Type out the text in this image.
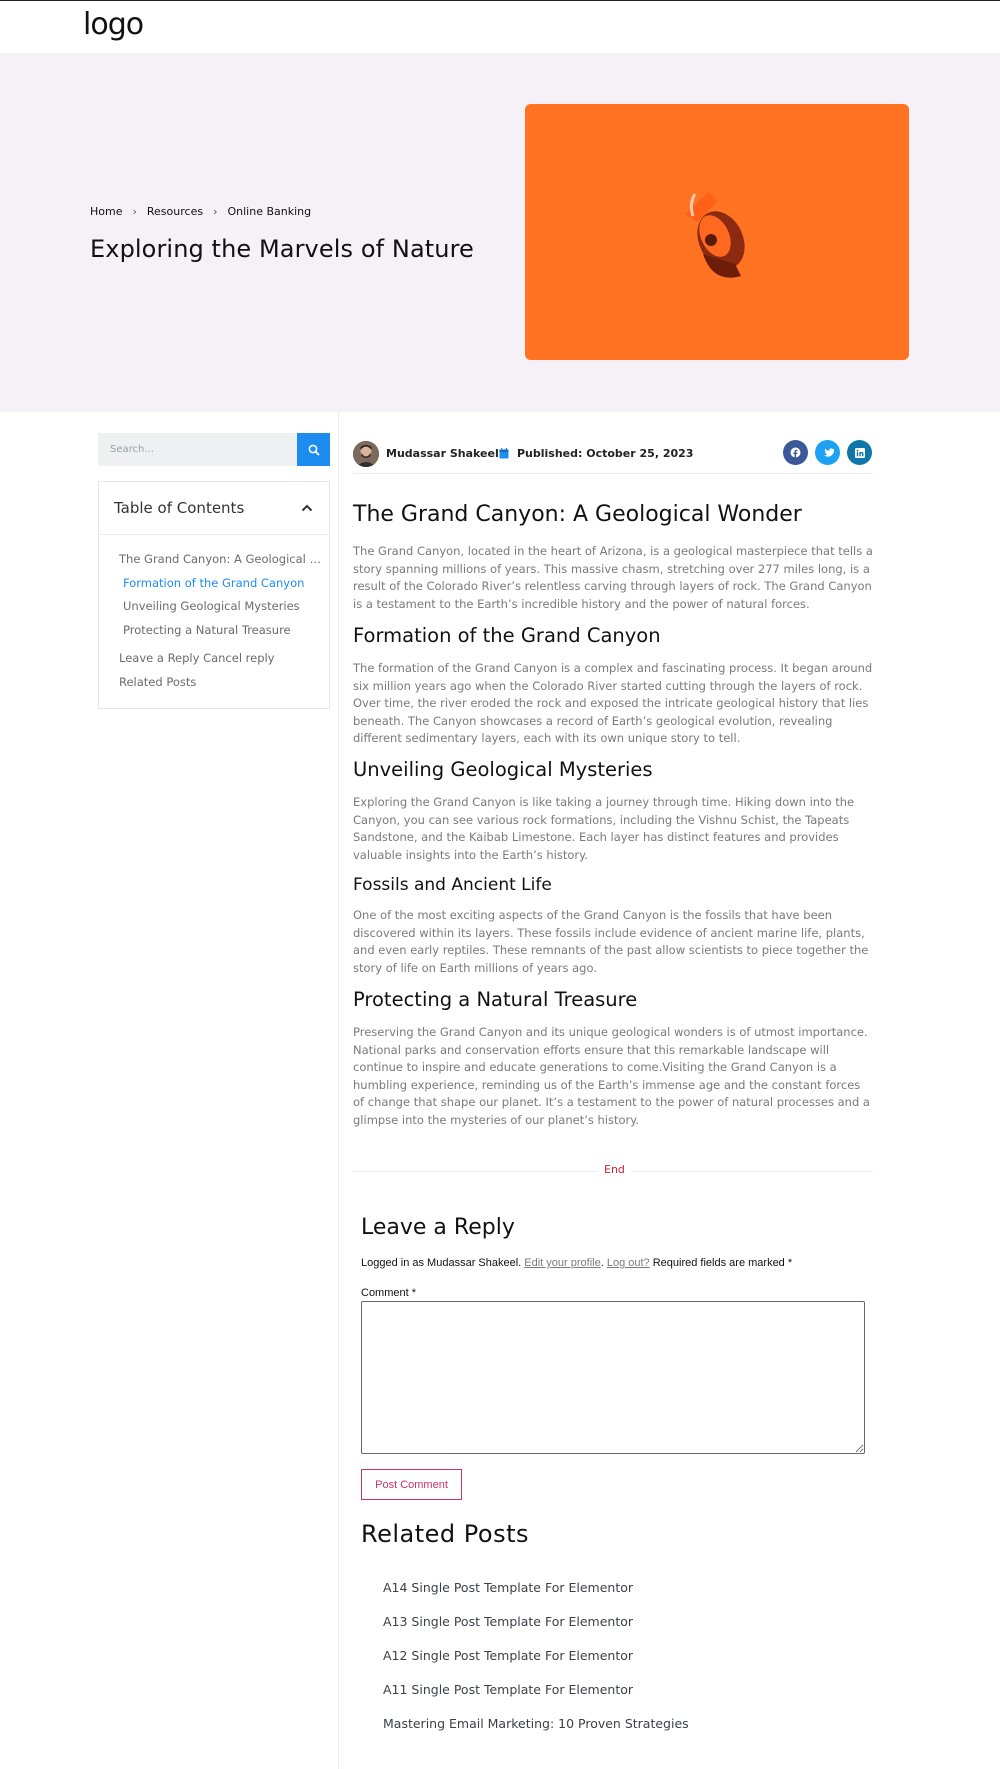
logo
Home › Resources › Online Banking
Exploring the Marvels of Nature
Search...
Table of Contents
The Grand Canyon: A Geological …
Formation of the Grand Canyon
Unveiling Geological Mysteries
Protecting a Natural Treasure
Leave a Reply Cancel reply
Related Posts
Mudassar Shakeel Published: October 25, 2023
The Grand Canyon: A Geological Wonder

The Grand Canyon, located in the heart of Arizona, is a geological masterpiece that tells a story spanning millions of years. This massive chasm, stretching over 277 miles long, is a result of the Colorado River’s relentless carving through layers of rock. The Grand Canyon is a testament to the Earth’s incredible history and the power of natural forces.

Formation of the Grand Canyon

The formation of the Grand Canyon is a complex and fascinating process. It began around six million years ago when the Colorado River started cutting through the layers of rock. Over time, the river eroded the rock and exposed the intricate geological history that lies beneath. The Canyon showcases a record of Earth’s geological evolution, revealing different sedimentary layers, each with its own unique story to tell.

Unveiling Geological Mysteries

Exploring the Grand Canyon is like taking a journey through time. Hiking down into the Canyon, you can see various rock formations, including the Vishnu Schist, the Tapeats Sandstone, and the Kaibab Limestone. Each layer has distinct features and provides valuable insights into the Earth’s history.

Fossils and Ancient Life

One of the most exciting aspects of the Grand Canyon is the fossils that have been discovered within its layers. These fossils include evidence of ancient marine life, plants, and even early reptiles. These remnants of the past allow scientists to piece together the story of life on Earth millions of years ago.

Protecting a Natural Treasure

Preserving the Grand Canyon and its unique geological wonders is of utmost importance. National parks and conservation efforts ensure that this remarkable landscape will continue to inspire and educate generations to come.Visiting the Grand Canyon is a humbling experience, reminding us of the Earth’s immense age and the constant forces of change that shape our planet. It’s a testament to the power of natural processes and a glimpse into the mysteries of our planet’s history.

End
Leave a Reply

Logged in as Mudassar Shakeel. Edit your profile. Log out? Required fields are marked *

Comment *
Post Comment
Related Posts
A14 Single Post Template For Elementor
A13 Single Post Template For Elementor
A12 Single Post Template For Elementor
A11 Single Post Template For Elementor
Mastering Email Marketing: 10 Proven Strategies
